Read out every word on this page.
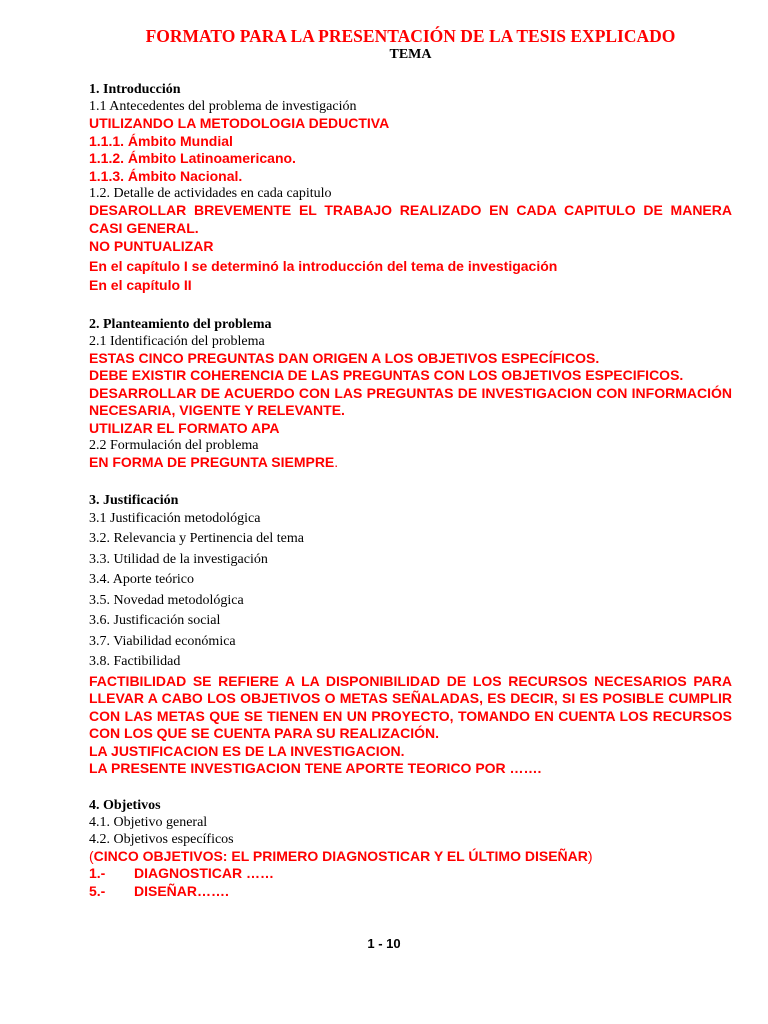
FORMATO PARA LA PRESENTACIÓN DE LA TESIS EXPLICADO

TEMA

1. Introducción

1.1 Antecedentes del problema de investigación

UTILIZANDO LA METODOLOGIA DEDUCTIVA

1.1.1. Ámbito Mundial

1.1.2. Ámbito Latinoamericano.

1.1.3. Ámbito Nacional.

1.2. Detalle de actividades en cada capitulo

DESAROLLAR BREVEMENTE EL TRABAJO REALIZADO EN CADA CAPITULO DE MANERA CASI GENERAL.

NO PUNTUALIZAR

En el capítulo I se determinó la introducción del tema de investigación

En el capítulo II

2. Planteamiento del problema

2.1 Identificación del problema

ESTAS CINCO PREGUNTAS DAN ORIGEN A LOS OBJETIVOS ESPECÍFICOS.

DEBE EXISTIR COHERENCIA DE LAS PREGUNTAS CON LOS OBJETIVOS ESPECIFICOS.

DESARROLLAR DE ACUERDO CON LAS PREGUNTAS DE INVESTIGACION CON INFORMACIÓN NECESARIA, VIGENTE Y RELEVANTE.

UTILIZAR EL FORMATO APA

2.2 Formulación del problema

EN FORMA DE PREGUNTA SIEMPRE.

3. Justificación

3.1 Justificación metodológica

3.2. Relevancia y Pertinencia del tema

3.3. Utilidad de la investigación

3.4. Aporte teórico

3.5. Novedad metodológica

3.6. Justificación social

3.7. Viabilidad económica

3.8. Factibilidad

FACTIBILIDAD SE REFIERE A LA DISPONIBILIDAD DE LOS RECURSOS NECESARIOS PARA LLEVAR A CABO LOS OBJETIVOS O METAS SEÑALADAS, ES DECIR, SI ES POSIBLE CUMPLIR CON LAS METAS QUE SE TIENEN EN UN PROYECTO, TOMANDO EN CUENTA LOS RECURSOS CON LOS QUE SE CUENTA PARA SU REALIZACIÓN.

LA JUSTIFICACION ES DE LA INVESTIGACION.

LA PRESENTE INVESTIGACION TENE APORTE TEORICO POR …….

4. Objetivos

4.1. Objetivo general

4.2. Objetivos específicos

(CINCO OBJETIVOS: EL PRIMERO DIAGNOSTICAR Y EL ÚLTIMO DISEÑAR)

1.-	DIAGNOSTICAR ……
5.-	DISEÑAR…….
1 - 10
